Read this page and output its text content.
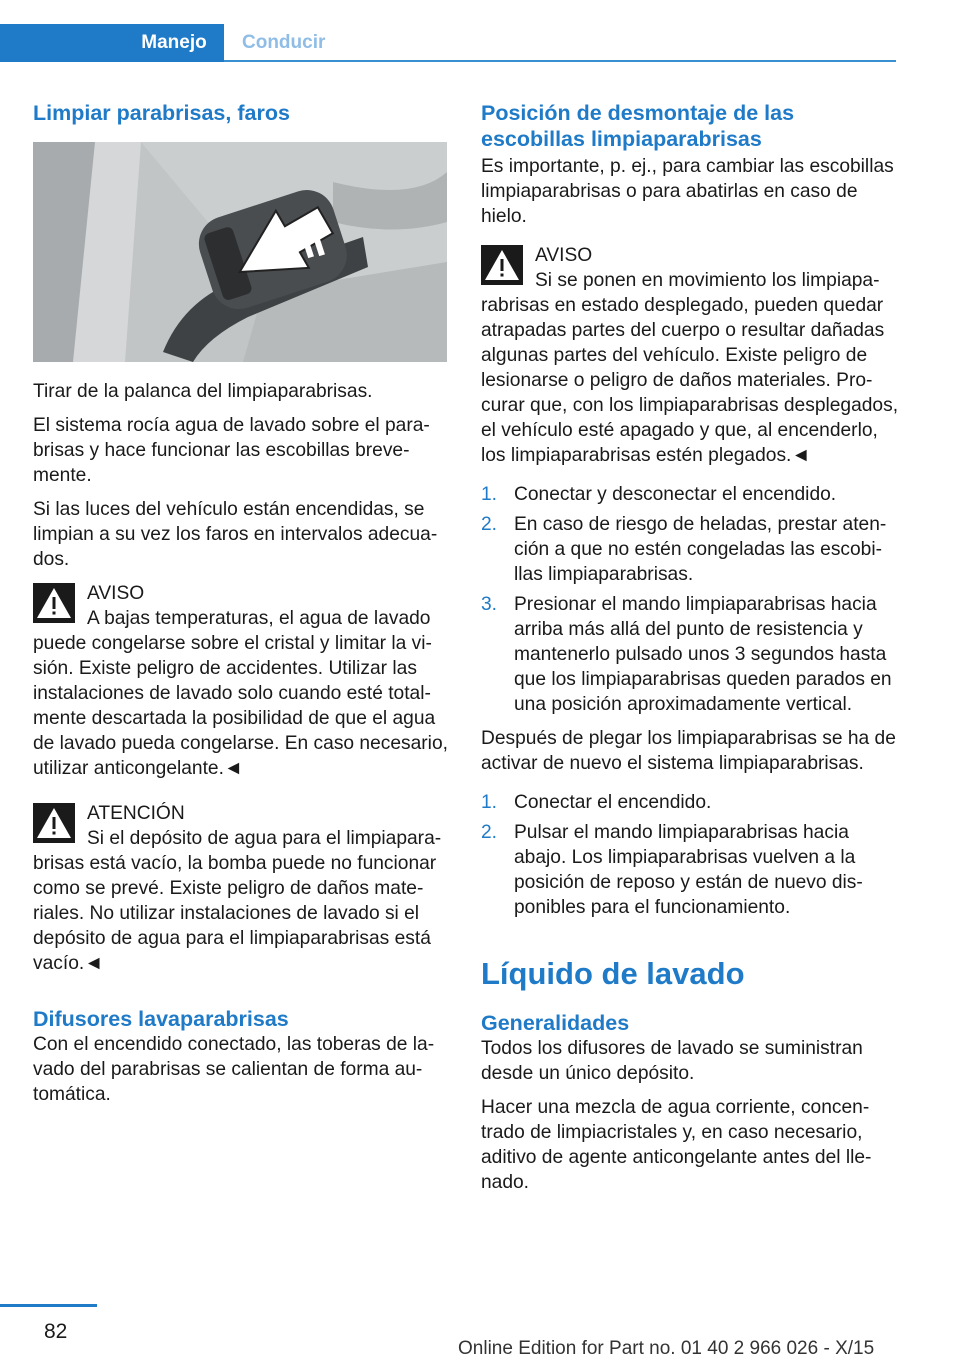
Manejo	Conducir
Limpiar parabrisas, faros

Tirar de la palanca del limpiaparabrisas.

El sistema rocía agua de lavado sobre el parabrisas y hace funcionar las escobillas brevemente.

Si las luces del vehículo están encendidas, se limpian a su vez los faros en intervalos adecuados.

AVISO
A bajas temperaturas, el agua de lavado puede congelarse sobre el cristal y limitar la visión. Existe peligro de accidentes. Utilizar las instalaciones de lavado solo cuando esté totalmente descartada la posibilidad de que el agua de lavado pueda congelarse. En caso necesario, utilizar anticongelante.◄
ATENCIÓN
Si el depósito de agua para el limpiaparabrisas está vacío, la bomba puede no funcionar como se prevé. Existe peligro de daños materiales. No utilizar instalaciones de lavado si el depósito de agua para el limpiaparabrisas está vacío.◄
Difusores lavaparabrisas

Con el encendido conectado, las toberas de lavado del parabrisas se calientan de forma automática.

Posición de desmontaje de las escobillas limpiaparabrisas

Es importante, p. ej., para cambiar las escobillas limpiaparabrisas o para abatirlas en caso de hielo.

AVISO
Si se ponen en movimiento los limpiaparabrisas en estado desplegado, pueden quedar atrapadas partes del cuerpo o resultar dañadas algunas partes del vehículo. Existe peligro de lesionarse o peligro de daños materiales. Procurar que, con los limpiaparabrisas desplegados, el vehículo esté apagado y que, al encenderlo, los limpiaparabrisas estén plegados.◄
1. Conectar y desconectar el encendido.
2. En caso de riesgo de heladas, prestar atención a que no estén congeladas las escobillas limpiaparabrisas.
3. Presionar el mando limpiaparabrisas hacia arriba más allá del punto de resistencia y mantenerlo pulsado unos 3 segundos hasta que los limpiaparabrisas queden parados en una posición aproximadamente vertical.

Después de plegar los limpiaparabrisas se ha de activar de nuevo el sistema limpiaparabrisas.

1. Conectar el encendido.
2. Pulsar el mando limpiaparabrisas hacia abajo. Los limpiaparabrisas vuelven a la posición de reposo y están de nuevo disponibles para el funcionamiento.
Líquido de lavado
Generalidades

Todos los difusores de lavado se suministran desde un único depósito.

Hacer una mezcla de agua corriente, concentrado de limpiacristales y, en caso necesario, aditivo de agente anticongelante antes del llenado.

82
Online Edition for Part no. 01 40 2 966 026 - X/15
